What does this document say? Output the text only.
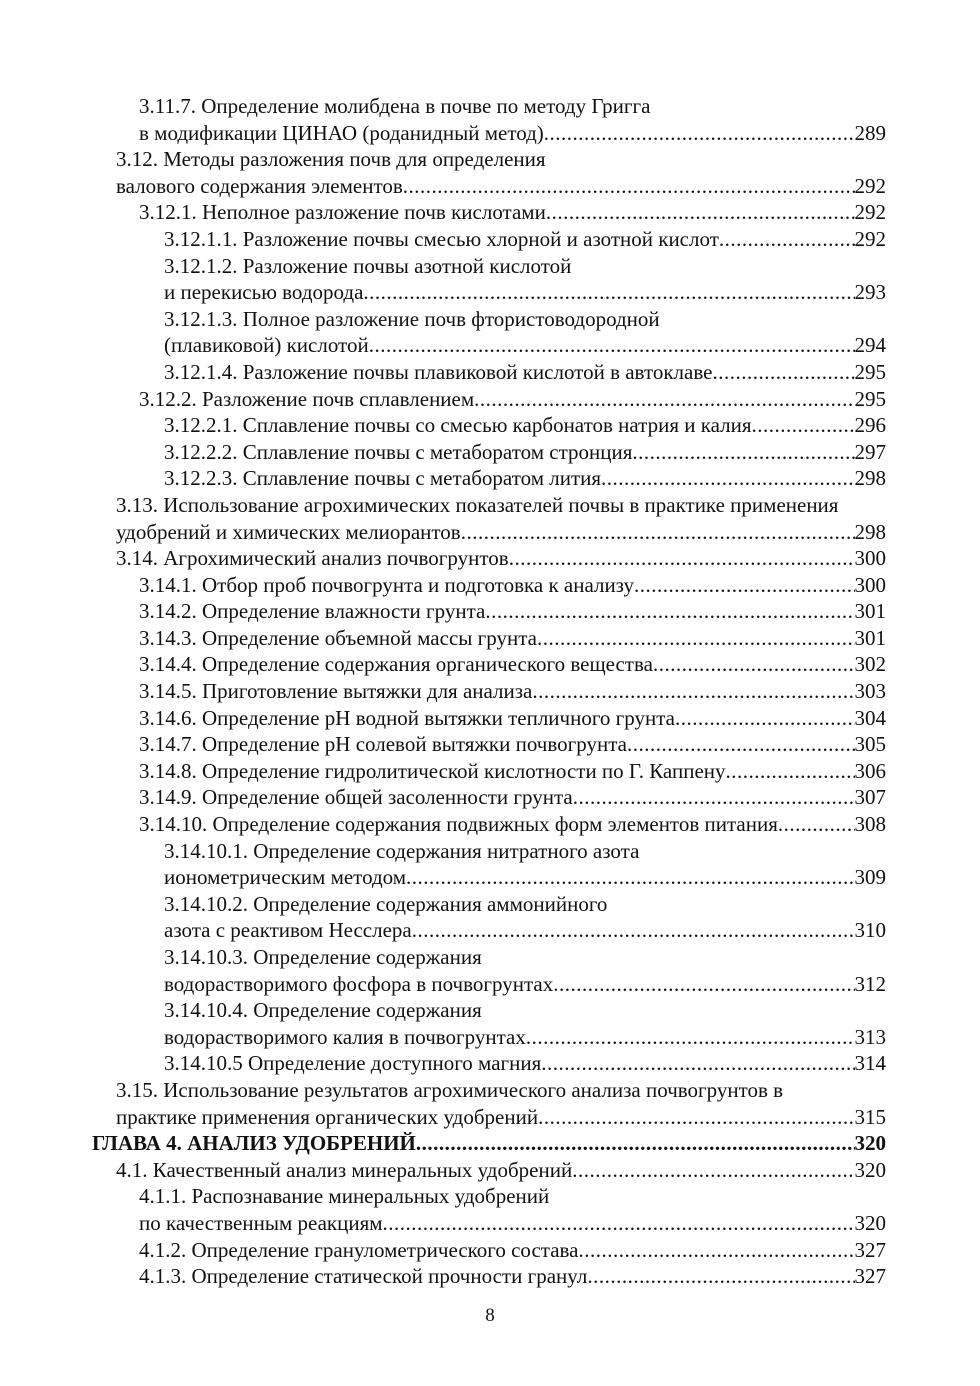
3.11.7. Определение молибдена в почве по методу Григга
в модификации ЦИНАО (роданидный метод) .....	289
3.12. Методы разложения почв для определения
валового содержания элементов .....	292
3.12.1. Неполное разложение почв кислотами .....	292
3.12.1.1. Разложение почвы смесью хлорной и азотной кислот .....	292
3.12.1.2. Разложение почвы азотной кислотой
и перекисью водорода .....	293
3.12.1.3. Полное разложение почв фтористоводородной
(плавиковой) кислотой .....	294
3.12.1.4. Разложение почвы плавиковой кислотой в автоклаве .....	295
3.12.2. Разложение почв сплавлением .....	295
3.12.2.1. Сплавление почвы со смесью карбонатов натрия и калия .....	296
3.12.2.2. Сплавление почвы с метаборатом стронция .....	297
3.12.2.3. Сплавление почвы с метаборатом лития .....	298
3.13. Использование агрохимических показателей почвы в практике применения
удобрений и химических мелиорантов .....	298
3.14. Агрохимический анализ почвогрунтов .....	300
3.14.1. Отбор проб почвогрунта и подготовка к анализу .....	300
3.14.2. Определение влажности грунта .....	301
3.14.3. Определение объемной массы грунта .....	301
3.14.4. Определение содержания органического вещества .....	302
3.14.5. Приготовление вытяжки для анализа .....	303
3.14.6. Определение pH водной вытяжки тепличного грунта .....	304
3.14.7. Определение pH солевой вытяжки почвогрунта .....	305
3.14.8. Определение гидролитической кислотности по Г. Каппену .....	306
3.14.9. Определение общей засоленности грунта .....	307
3.14.10. Определение содержания подвижных форм элементов питания .....	308
3.14.10.1. Определение содержания нитратного азота
ионометрическим методом .....	309
3.14.10.2. Определение содержания аммонийного
азота с реактивом Несслера .....	310
3.14.10.3. Определение содержания
водорастворимого фосфора в почвогрунтах .....	312
3.14.10.4. Определение содержания
водорастворимого калия в почвогрунтах .....	313
3.14.10.5 Определение доступного магния .....	314
3.15. Использование результатов агрохимического анализа почвогрунтов в
практике применения органических удобрений .....	315
ГЛАВА 4. АНАЛИЗ УДОБРЕНИЙ .....	320
4.1. Качественный анализ минеральных удобрений .....	320
4.1.1. Распознавание минеральных удобрений
по качественным реакциям .....	320
4.1.2. Определение гранулометрического состава .....	327
4.1.3. Определение статической прочности гранул .....	327
8
